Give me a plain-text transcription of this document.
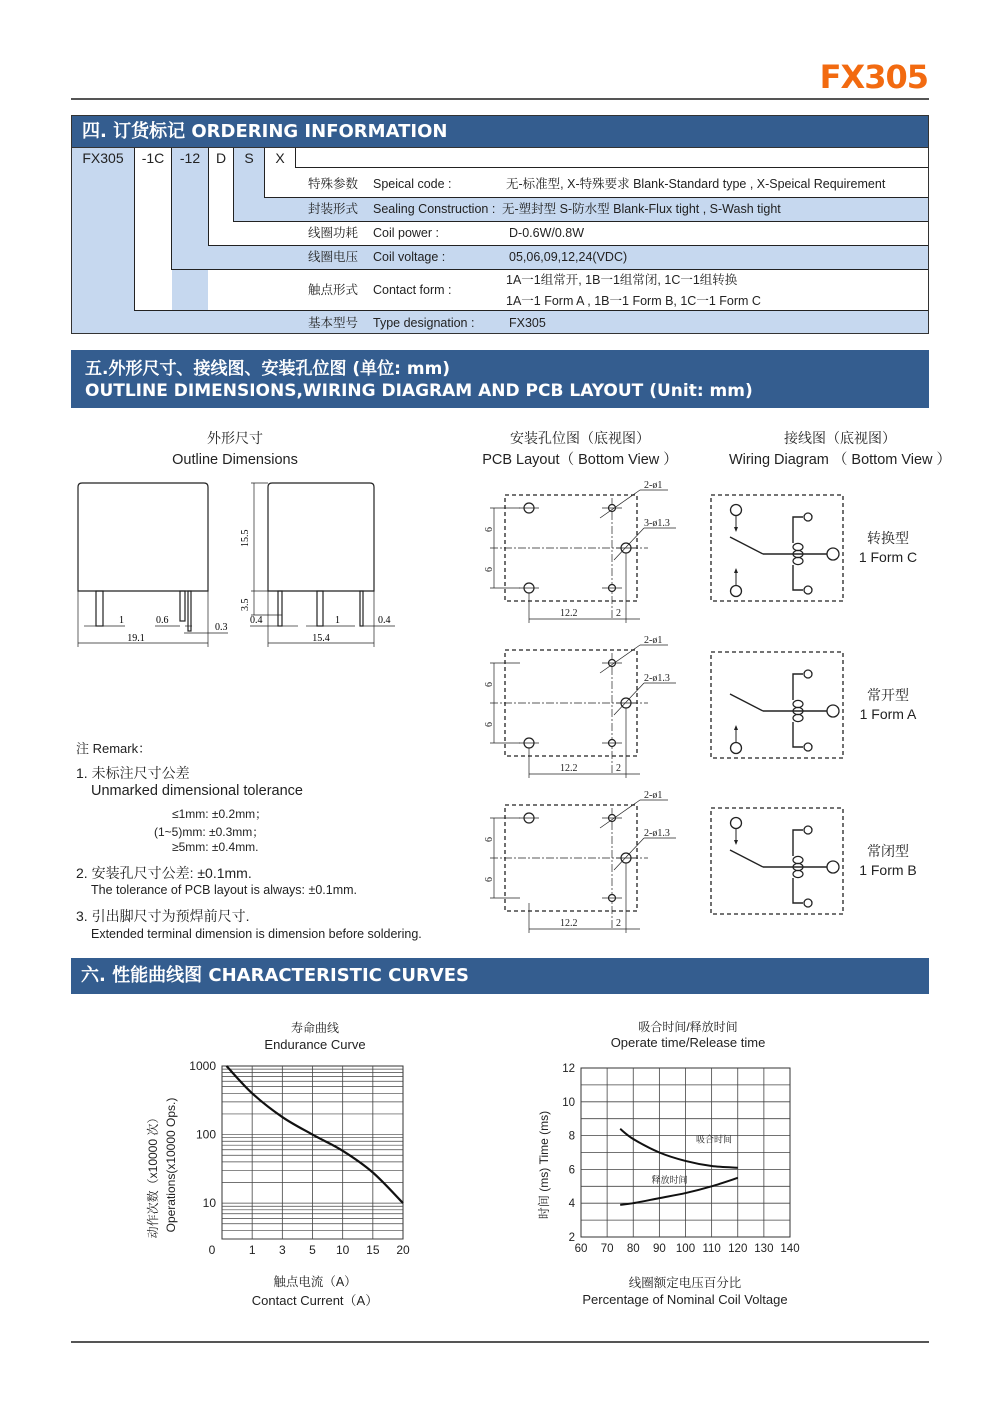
FX305
四. 订货标记 ORDERING INFORMATION
FX305	-1C	-12	D	S	X
特殊参数 Speical code :	无-标准型, X-特殊要求 Blank-Standard type , X-Speical Requirement
封装形式 Sealing Construction : 无-塑封型 S-防水型 Blank-Flux tight , S-Wash tight
线圈功耗 Coil power :	D-0.6W/0.8W
线圈电压 Coil voltage :	05,06,09,12,24(VDC)
触点形式 Contact form :
1A一1组常开, 1B一1组常闭, 1C一1组转换
1A一1 Form A , 1B一1 Form B, 1C一1 Form C
基本型号 Type designation :	FX305
五.外形尺寸、接线图、安装孔位图 (单位: mm)
OUTLINE DIMENSIONS,WIRING DIAGRAM AND PCB LAYOUT (Unit: mm)
外形尺寸
Outline Dimensions
安装孔位图（底视图）
PCB Layout（ Bottom View ）
接线图（底视图）
Wiring Diagram （ Bottom View ）
19.1
1	0.6
0.3
15.5
3.5
15.4
0.4	1	0.4
注 Remark：
1. 未标注尺寸公差
Unmarked dimensional tolerance
≤1mm: ±0.2mm；
(1~5)mm: ±0.3mm；
≥5mm: ±0.4mm.
2. 安装孔尺寸公差: ±0.1mm.
The tolerance of PCB layout is always: ±0.1mm.
3. 引出脚尺寸为预焊前尺寸.
Extended terminal dimension is dimension before soldering.
2-ø1
3-ø1.3
6
6
12.2	2
2-ø1
2-ø1.3
6
6
12.2	2
2-ø1
2-ø1.3
6
6
12.2	2
转换型
1 Form C
常开型
1 Form A
常闭型
1 Form B
六. 性能曲线图 CHARACTERISTIC CURVES
寿命曲线
Endurance Curve
动作次数（x10000 次） Operations(x10000 Ops.)
0	1 3 5 10 15 20
1000
100
10
触点电流（A）
Contact Current（A）
吸合时间/释放时间
Operate time/Release time
时间 (ms) Time (ms)
60 70 80 90 100 110 120 130 140
12
10
8
6
4
2
吸合时间
释放时间
线圈额定电压百分比
Percentage of Nominal Coil Voltage
